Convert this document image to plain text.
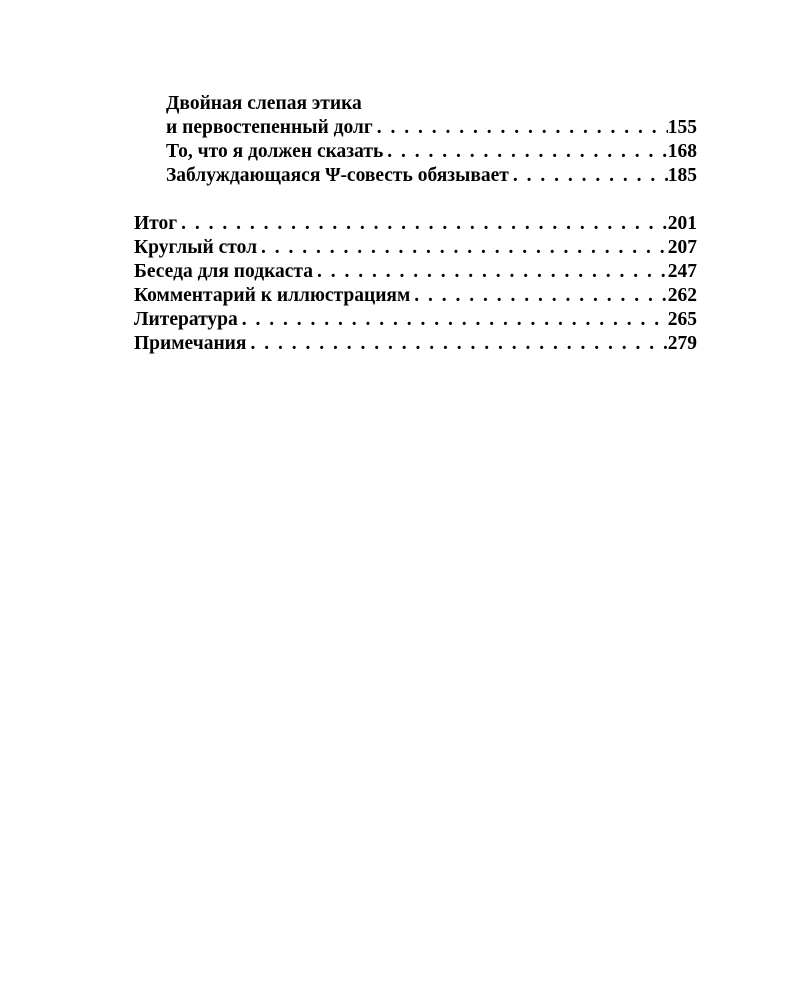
Двойная слепая этика
и первостепенный долг . . .	155
То, что я должен сказать . . .	168
Заблуждающаяся Ψ-совесть обязывает . . .	185
Итог . . .	201
Круглый стол . . .	207
Беседа для подкаста . . .	247
Комментарий к иллюстрациям . . .	262
Литература . . .	265
Примечания . . .	279
